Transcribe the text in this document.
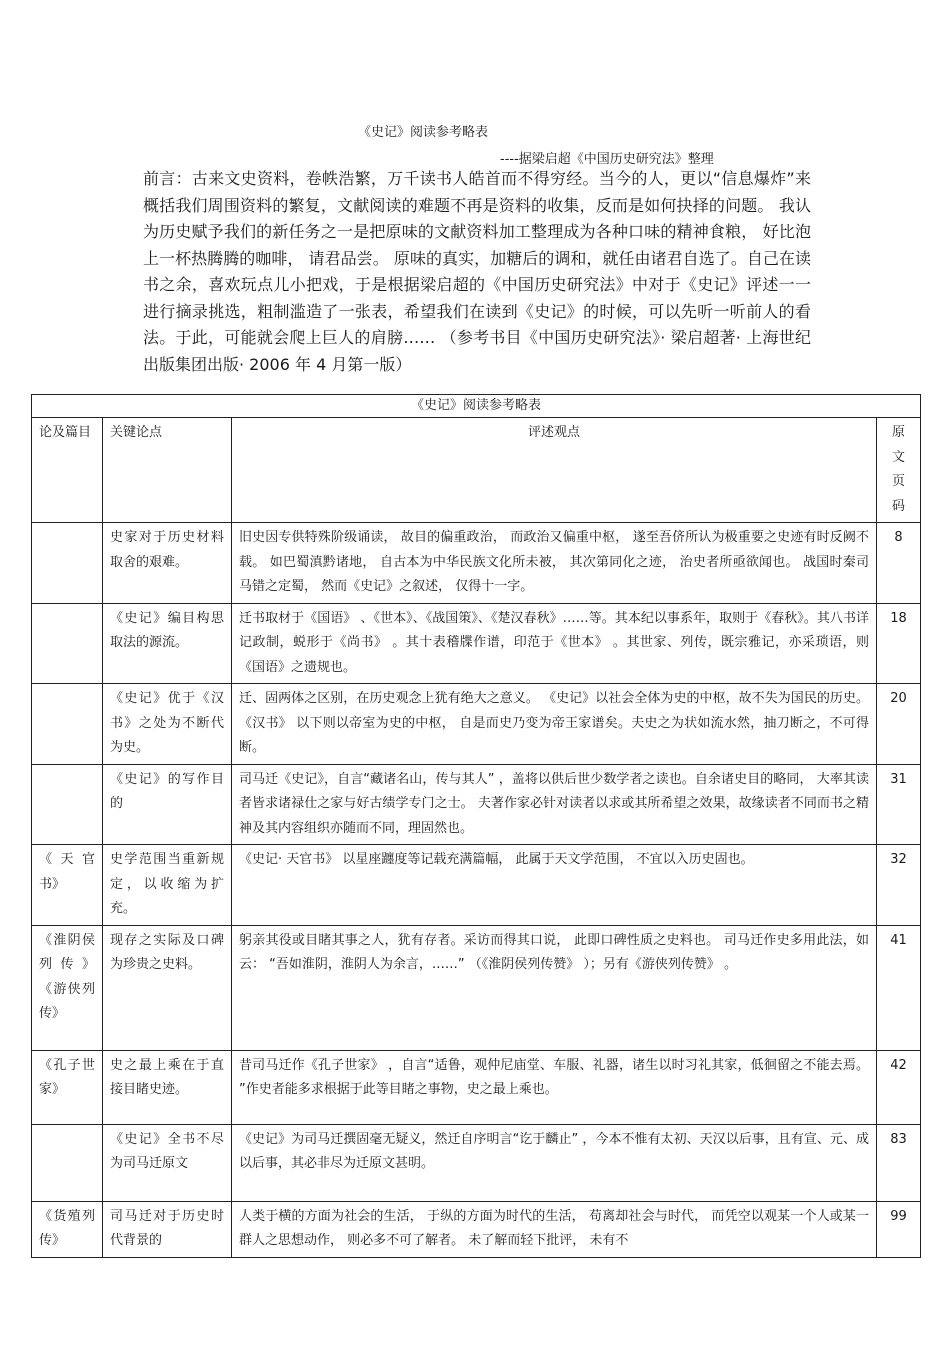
《史记》阅读参考略表
----据梁启超《中国历史研究法》整理

前言：古来文史资料，卷帙浩繁，万千读书人皓首而不得穷经。当今的人，更以“信息爆炸”来概括我们周围资料的繁复，文献阅读的难题不再是资料的收集，反而是如何抉择的问题。 我认为历史赋予我们的新任务之一是把原味的文献资料加工整理成为各种口味的精神食粮， 好比泡上一杯热腾腾的咖啡， 请君品尝。 原味的真实，加糖后的调和，就任由诸君自选了。自己在读书之余，喜欢玩点儿小把戏，于是根据梁启超的《中国历史研究法》中对于《史记》评述一一进行摘录挑选，粗制滥造了一张表，希望我们在读到《史记》的时候，可以先听一听前人的看法。于此，可能就会爬上巨人的肩膀…… （参考书目《中国历史研究法》· 梁启超著· 上海世纪出版集团出版· 2006 年 4 月第一版）

《史记》阅读参考略表			
论及篇目	关键论点	评述观点	原文页码
	史家对于历史材料取舍的艰难。	旧史因专供特殊阶级诵读， 故目的偏重政治， 而政治又偏重中枢， 遂至吾侪所认为极重要之史迹有时反阙不载。 如巴蜀滇黔诸地， 自古本为中华民族文化所未被， 其次第同化之迹， 治史者所亟欲闻也。 战国时秦司马错之定蜀， 然而《史记》之叙述， 仅得十一字。	8
	《史记》编目构思取法的源流。	迁书取材于《国语》 、《世本》、《战国策》、《楚汉春秋》……等。其本纪以事系年，取则于《春秋》。其八书详记政制，蜕形于《尚书》 。其十表稽牒作谱，印范于《世本》 。其世家、列传，既宗雅记，亦采琐语，则《国语》之遗规也。	18
	《史记》优于《汉书》之处为不断代为史。	迁、固两体之区别，在历史观念上犹有绝大之意义。 《史记》以社会全体为史的中枢，故不失为国民的历史。 《汉书》 以下则以帝室为史的中枢， 自是而史乃变为帝王家谱矣。夫史之为状如流水然，抽刀断之，不可得断。	20
	《史记》的写作目的	司马迁《史记》，自言“藏诸名山，传与其人” ，盖将以供后世少数学者之读也。自余诸史目的略同， 大率其读者皆求诸禄仕之家与好古绩学专门之士。 夫著作家必针对读者以求或其所希望之效果，故缘读者不同而书之精神及其内容组织亦随而不同，理固然也。	31
《天官书》	史学范围当重新规定，以收缩为扩充。	《史记· 天官书》 以星座躔度等记载充满篇幅， 此属于天文学范围， 不宜以入历史固也。	32
《淮阴侯列传》《游侠列传》	现存之实际及口碑为珍贵之史料。	躬亲其役或目睹其事之人，犹有存者。采访而得其口说， 此即口碑性质之史料也。 司马迁作史多用此法，如云： “吾如淮阴，淮阴人为余言，……” （《淮阴侯列传赞》 ）；另有《游侠列传赞》 。	41
《孔子世家》	史之最上乘在于直接目睹史迹。	昔司马迁作《孔子世家》 ，自言“适鲁，观仲尼庙堂、车服、礼器，诸生以时习礼其家，低徊留之不能去焉。 ”作史者能多求根据于此等目睹之事物，史之最上乘也。	42
	《史记》全书不尽为司马迁原文	《史记》为司马迁撰固毫无疑义，然迁自序明言“讫于麟止” ，今本不惟有太初、天汉以后事，且有宣、元、成以后事，其必非尽为迁原文甚明。	83
《货殖列传》	司马迁对于历史时代背景的	人类于横的方面为社会的生活， 于纵的方面为时代的生活， 苟离却社会与时代， 而凭空以观某一个人或某一群人之思想动作， 则必多不可了解者。 未了解而轻下批评， 未有不	99
